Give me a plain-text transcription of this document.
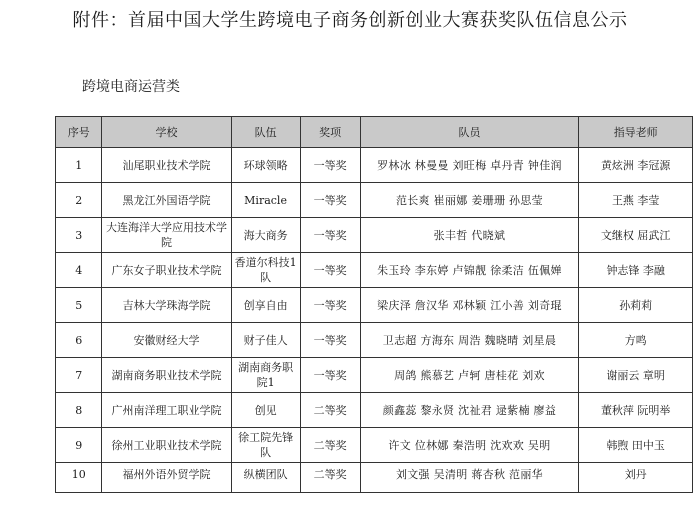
附件：首届中国大学生跨境电子商务创新创业大赛获奖队伍信息公示
跨境电商运营类
序号	学校	队伍	奖项	队员	指导老师
1	汕尾职业技术学院	环球领略	一等奖	罗林冰 林曼曼 刘旺梅 卓丹青 钟佳润	黄炫洲 李冠源
2	黑龙江外国语学院	Miracle	一等奖	范长爽 崔丽娜 姜珊珊 孙思莹	王燕 李莹
3	大连海洋大学应用技术学院	海大商务	一等奖	张丰哲 代晓斌	文继权 屈武江
4	广东女子职业技术学院	香道尔科技1队	一等奖	朱玉玲 李东婷 卢锦靓 徐柔洁 伍佩婵	钟志锋 李融
5	吉林大学珠海学院	创享自由	一等奖	梁庆泽 詹汉华 邓林颖 江小善 刘奇琨	孙莉莉
6	安徽财经大学	财子佳人	一等奖	卫志超 方海东 周浩 魏晓晴 刘星晨	方鸣
7	湖南商务职业技术学院	湖南商务职院1	一等奖	周鸽 熊慕艺 卢轲 唐桂花 刘欢	谢丽云 章明
8	广州南洋理工职业学院	创见	二等奖	颜鑫蕊 黎永贤 沈祉君 逯紫楠 廖益	董秋萍 阮明举
9	徐州工业职业技术学院	徐工院先锋队	二等奖	许文 位林娜 秦浩明 沈欢欢 吴明	韩煦 田中玉
10	福州外语外贸学院	纵横团队	二等奖	刘文强 吴清明 蒋杏秋 范丽华	刘丹
